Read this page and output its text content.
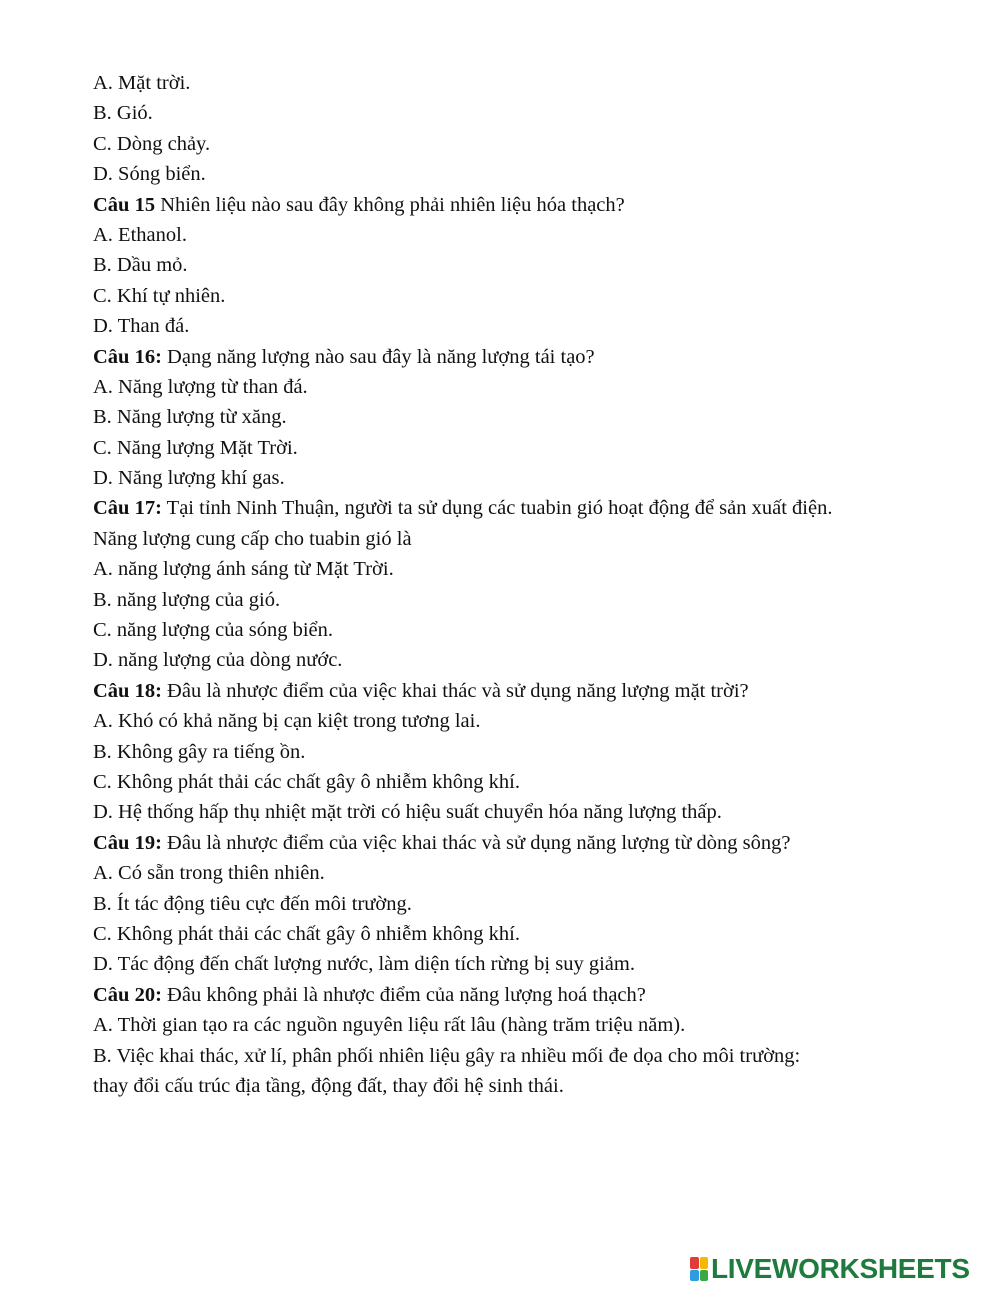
A. Mặt trời.
B. Gió.
C. Dòng chảy.
D. Sóng biển.
Câu 15 Nhiên liệu nào sau đây không phải nhiên liệu hóa thạch?
A. Ethanol.
B. Dầu mỏ.
C. Khí tự nhiên.
D. Than đá.
Câu 16: Dạng năng lượng nào sau đây là năng lượng tái tạo?
A. Năng lượng từ than đá.
B. Năng lượng từ xăng.
C. Năng lượng Mặt Trời.
D. Năng lượng khí gas.
Câu 17: Tại tỉnh Ninh Thuận, người ta sử dụng các tuabin gió hoạt động để sản xuất điện.
Năng lượng cung cấp cho tuabin gió là
A. năng lượng ánh sáng từ Mặt Trời.
B. năng lượng của gió.
C. năng lượng của sóng biển.
D. năng lượng của dòng nước.
Câu 18: Đâu là nhược điểm của việc khai thác và sử dụng năng lượng mặt trời?
A. Khó có khả năng bị cạn kiệt trong tương lai.
B. Không gây ra tiếng ồn.
C. Không phát thải các chất gây ô nhiễm không khí.
D. Hệ thống hấp thụ nhiệt mặt trời có hiệu suất chuyển hóa năng lượng thấp.
Câu 19: Đâu là nhược điểm của việc khai thác và sử dụng năng lượng từ dòng sông?
A. Có sẵn trong thiên nhiên.
B. Ít tác động tiêu cực đến môi trường.
C. Không phát thải các chất gây ô nhiễm không khí.
D. Tác động đến chất lượng nước, làm diện tích rừng bị suy giảm.
Câu 20: Đâu không phải là nhược điểm của năng lượng hoá thạch?
A. Thời gian tạo ra các nguồn nguyên liệu rất lâu (hàng trăm triệu năm).
B. Việc khai thác, xử lí, phân phối nhiên liệu gây ra nhiều mối đe dọa cho môi trường:
thay đổi cấu trúc địa tầng, động đất, thay đổi hệ sinh thái.
LIVEWORKSHEETS
